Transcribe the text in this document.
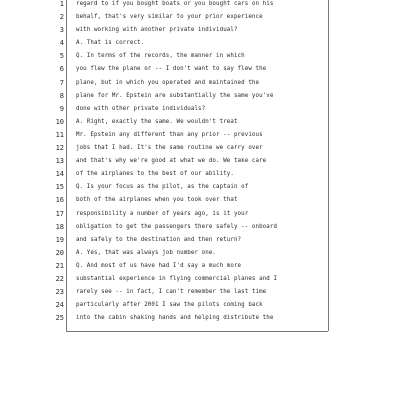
1
2
3
4
5
6
7
8
9
10
11
12
13
14
15
16
17
18
19
20
21
22
23
24
25
regard to if you bought boats or you bought cars on his
behalf, that's very similar to your prior experience
with working with another private individual?
A. That is correct.
Q. In terms of the records, the manner in which
you flew the plane or -- I don't want to say flew the
plane, but in which you operated and maintained the
plane for Mr. Epstein are substantially the same you've
done with other private individuals?
A. Right, exactly the same. We wouldn't treat
Mr. Epstein any different than any prior -- previous
jobs that I had. It's the same routine we carry over
and that's why we're good at what we do. We take care
of the airplanes to the best of our ability.
Q. Is your focus as the pilot, as the captain of
both of the airplanes when you took over that
responsibility a number of years ago, is it your
obligation to get the passengers there safely -- onboard
and safely to the destination and then return?
A. Yes, that was always job number one.
Q. And most of us have had I'd say a much more
substantial experience in flying commercial planes and I
rarely see -- in fact, I can't remember the last time
particularly after 2001 I saw the pilots coming back
into the cabin shaking hands and helping distribute the
